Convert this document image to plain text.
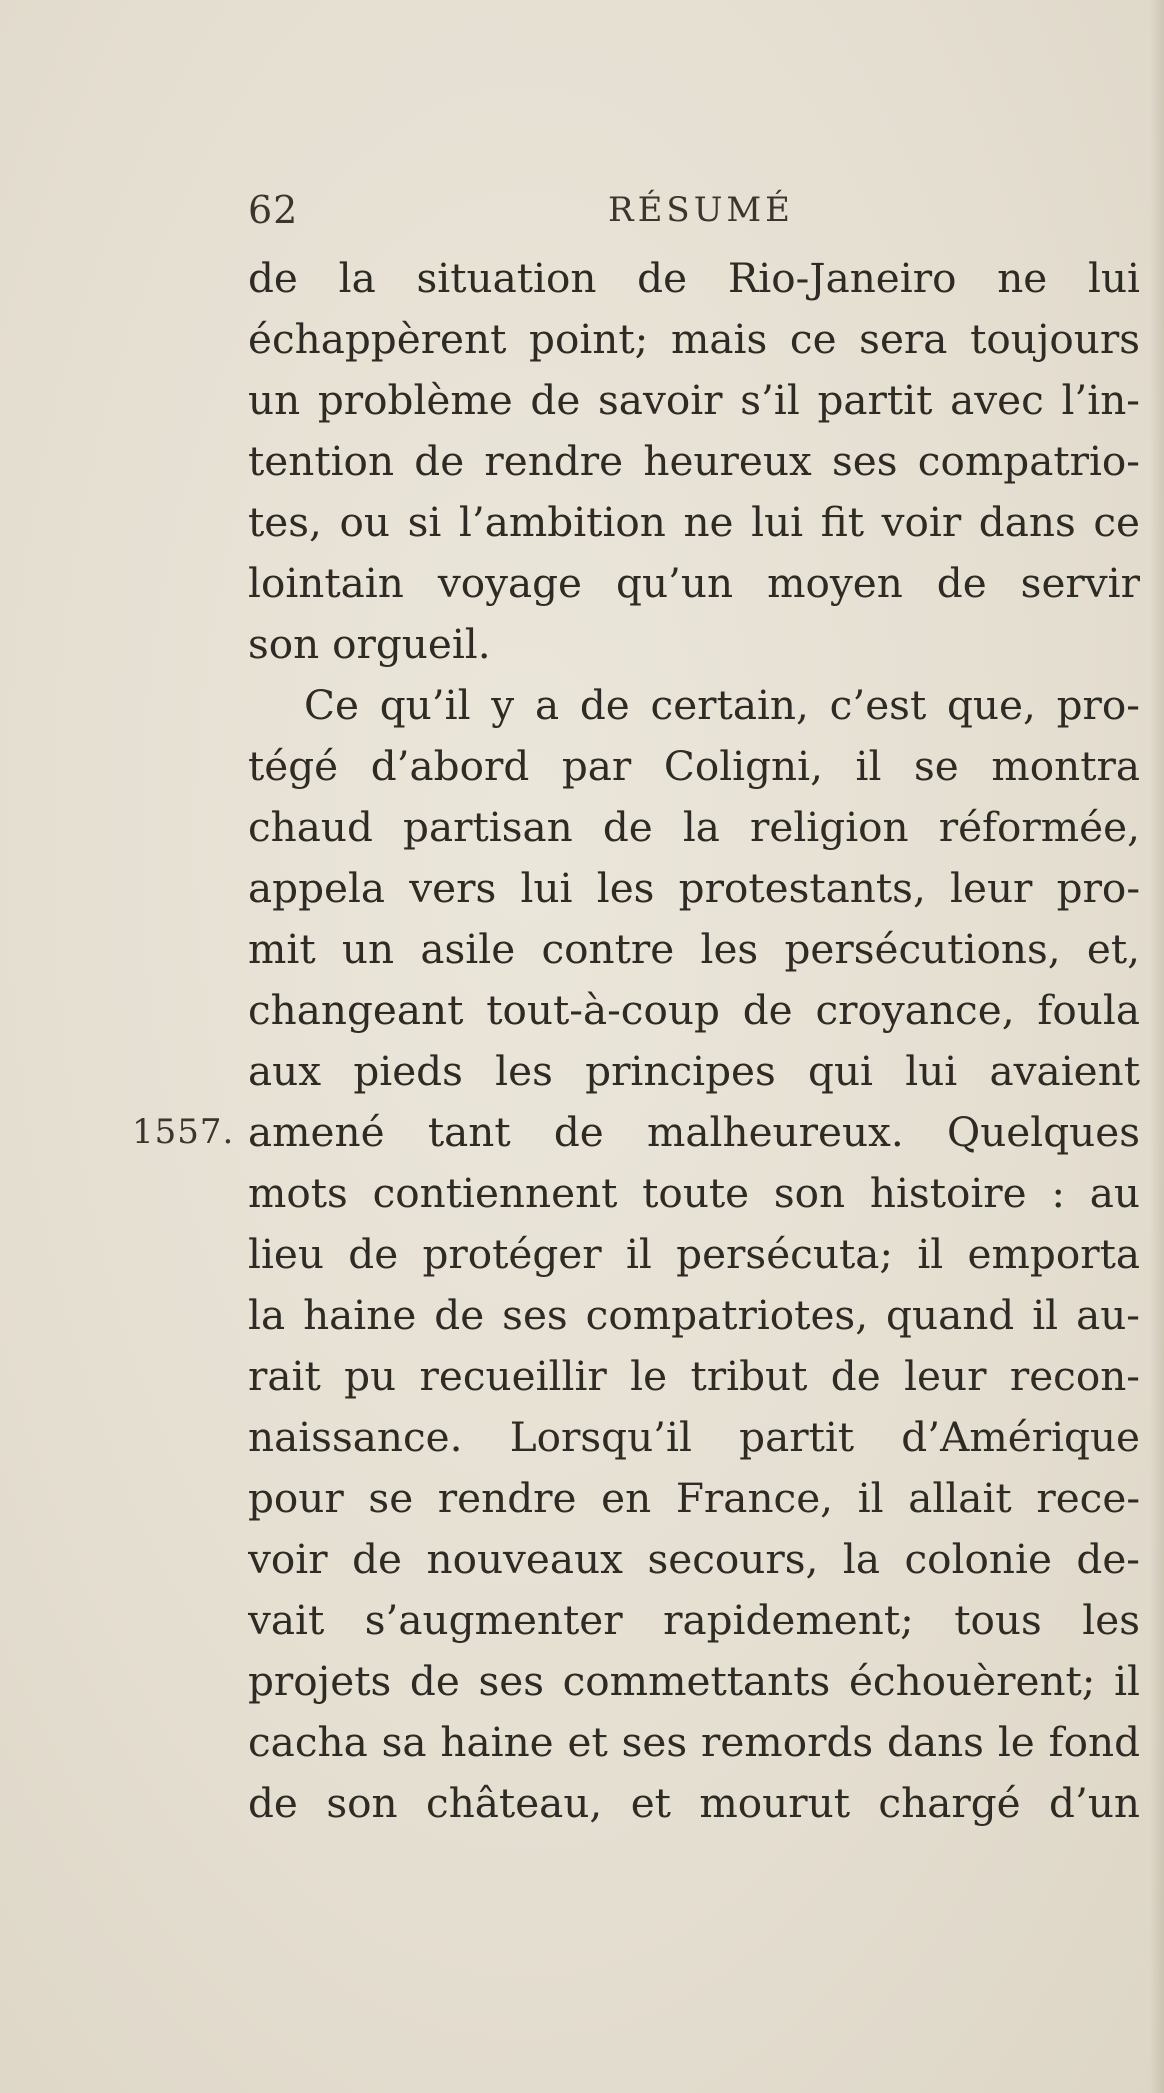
62	RÉSUMÉ
1557.
de la situation de Rio-Janeiro ne lui
échappèrent point; mais ce sera toujours
un problème de savoir s’il partit avec l’in-
tention de rendre heureux ses compatrio-
tes, ou si l’ambition ne lui fit voir dans ce
lointain voyage qu’un moyen de servir
son orgueil.
Ce qu’il y a de certain, c’est que, pro-
tégé d’abord par Coligni, il se montra
chaud partisan de la religion réformée,
appela vers lui les protestants, leur pro-
mit un asile contre les persécutions, et,
changeant tout-à-coup de croyance, foula
aux pieds les principes qui lui avaient
amené tant de malheureux. Quelques
mots contiennent toute son histoire : au
lieu de protéger il persécuta; il emporta
la haine de ses compatriotes, quand il au-
rait pu recueillir le tribut de leur recon-
naissance. Lorsqu’il partit d’Amérique
pour se rendre en France, il allait rece-
voir de nouveaux secours, la colonie de-
vait s’augmenter rapidement; tous les
projets de ses commettants échouèrent; il
cacha sa haine et ses remords dans le fond
de son château, et mourut chargé d’un
